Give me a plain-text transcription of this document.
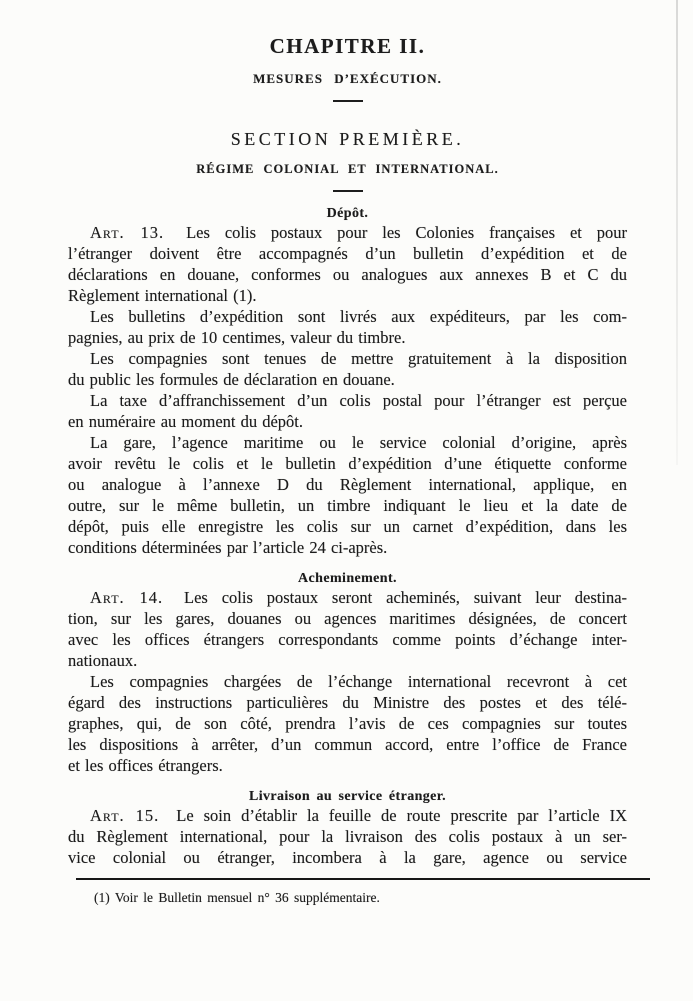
CHAPITRE II.
MESURES D’EXÉCUTION.
SECTION PREMIÈRE.
RÉGIME COLONIAL ET INTERNATIONAL.
Dépôt.
Art. 13. Les colis postaux pour les Colonies françaises et pour
l’étranger doivent être accompagnés d’un bulletin d’expédition et de
déclarations en douane, conformes ou analogues aux annexes B et C du
Règlement international (1).
Les bulletins d’expédition sont livrés aux expéditeurs, par les com-
pagnies, au prix de 10 centimes, valeur du timbre.
Les compagnies sont tenues de mettre gratuitement à la disposition
du public les formules de déclaration en douane.
La taxe d’affranchissement d’un colis postal pour l’étranger est perçue
en numéraire au moment du dépôt.
La gare, l’agence maritime ou le service colonial d’origine, après
avoir revêtu le colis et le bulletin d’expédition d’une étiquette conforme
ou analogue à l’annexe D du Règlement international, applique, en
outre, sur le même bulletin, un timbre indiquant le lieu et la date de
dépôt, puis elle enregistre les colis sur un carnet d’expédition, dans les
conditions déterminées par l’article 24 ci-après.
Acheminement.
Art. 14. Les colis postaux seront acheminés, suivant leur destina-
tion, sur les gares, douanes ou agences maritimes désignées, de concert
avec les offices étrangers correspondants comme points d’échange inter-
nationaux.
Les compagnies chargées de l’échange international recevront à cet
égard des instructions particulières du Ministre des postes et des télé-
graphes, qui, de son côté, prendra l’avis de ces compagnies sur toutes
les dispositions à arrêter, d’un commun accord, entre l’office de France
et les offices étrangers.
Livraison au service étranger.
Art. 15. Le soin d’établir la feuille de route prescrite par l’article IX
du Règlement international, pour la livraison des colis postaux à un ser-
vice colonial ou étranger, incombera à la gare, agence ou service
(1) Voir le Bulletin mensuel n° 36 supplémentaire.
